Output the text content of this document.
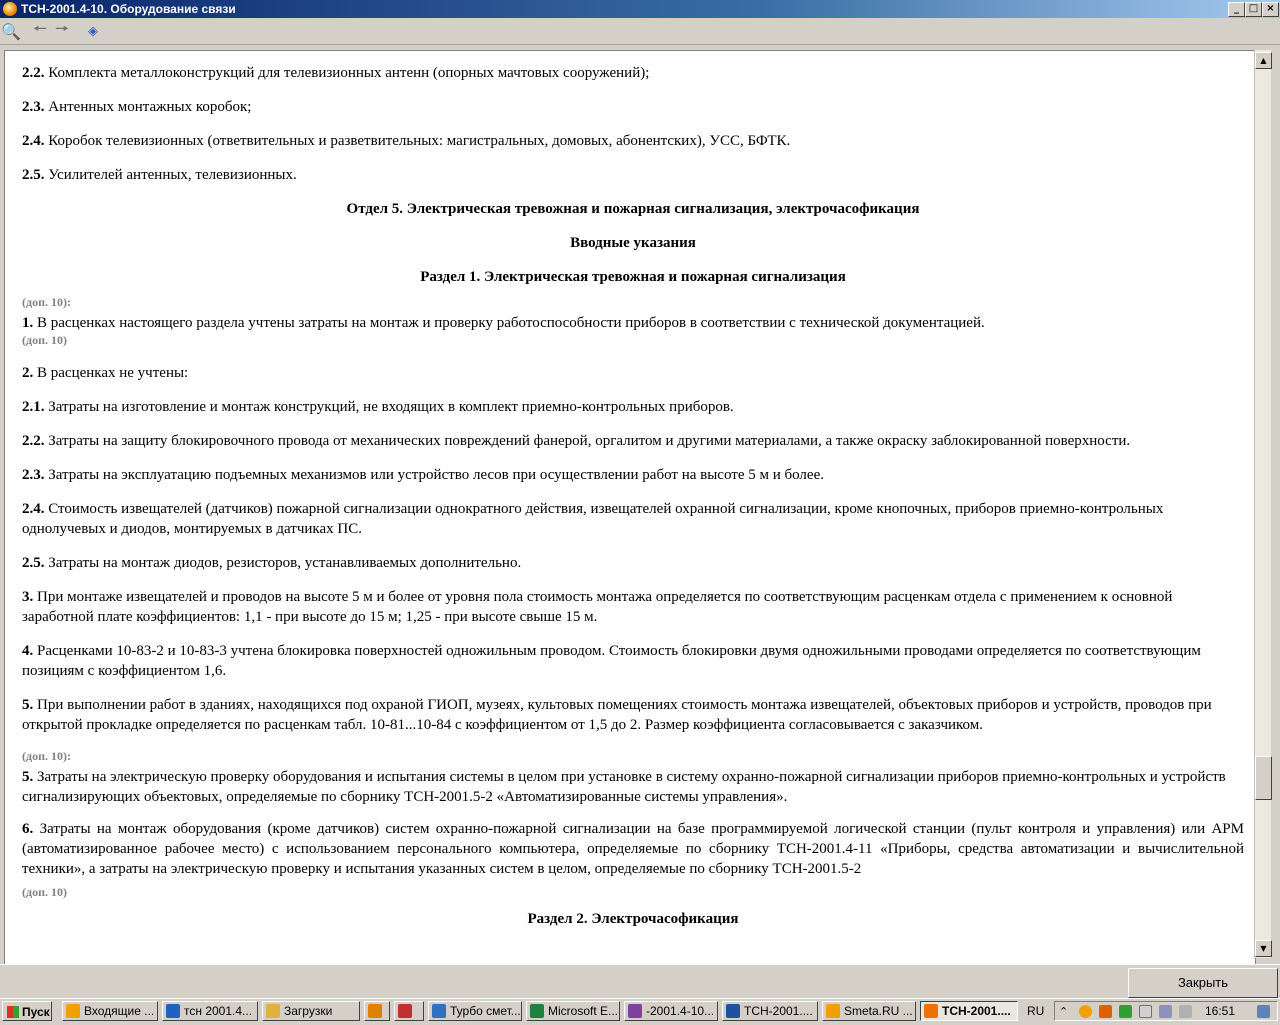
ТСН-2001.4-10. Оборудование связи	_ □ ×
🔍 🠔 🠖	◈
2.2. Комплекта металлоконструкций для телевизионных антенн (опорных мачтовых сооружений);
2.3. Антенных монтажных коробок;
2.4. Коробок телевизионных (ответвительных и разветвительных: магистральных, домовых, абонентских), УСС, БФТК.
2.5. Усилителей антенных, телевизионных.
Отдел 5. Электрическая тревожная и пожарная сигнализация, электрочасофикация
Вводные указания
Раздел 1. Электрическая тревожная и пожарная сигнализация
(доп. 10):
1. В расценках настоящего раздела учтены затраты на монтаж и проверку работоспособности приборов в соответствии с технической документацией.
(доп. 10)
2. В расценках не учтены:
2.1. Затраты на изготовление и монтаж конструкций, не входящих в комплект приемно-контрольных приборов.
2.2. Затраты на защиту блокировочного провода от механических повреждений фанерой, оргалитом и другими материалами, а также окраску заблокированной поверхности.
2.3. Затраты на эксплуатацию подъемных механизмов или устройство лесов при осуществлении работ на высоте 5 м и более.
2.4. Стоимость извещателей (датчиков) пожарной сигнализации однократного действия, извещателей охранной сигнализации, кроме кнопочных, приборов приемно-контрольных однолучевых и диодов, монтируемых в датчиках ПС.
2.5. Затраты на монтаж диодов, резисторов, устанавливаемых дополнительно.
3. При монтаже извещателей и проводов на высоте 5 м и более от уровня пола стоимость монтажа определяется по соответствующим расценкам отдела с применением к основной заработной плате коэффициентов: 1,1 - при высоте до 15 м; 1,25 - при высоте свыше 15 м.
4. Расценками 10-83-2 и 10-83-3 учтена блокировка поверхностей одножильным проводом. Стоимость блокировки двумя одножильными проводами определяется по соответствующим позициям с коэффициентом 1,6.
5. При выполнении работ в зданиях, находящихся под охраной ГИОП, музеях, культовых помещениях стоимость монтажа извещателей, объектовых приборов и устройств, проводов при открытой прокладке определяется по расценкам табл. 10-81...10-84 с коэффициентом от 1,5 до 2. Размер коэффициента согласовывается с заказчиком.
(доп. 10):
5. Затраты на электрическую проверку оборудования и испытания системы в целом при установке в систему охранно-пожарной сигнализации приборов приемно-контрольных и устройств сигнализирующих объектовых, определяемые по сборнику ТСН-2001.5-2 «Автоматизированные системы управления».
6. Затраты на монтаж оборудования (кроме датчиков) систем охранно-пожарной сигнализации на базе программируемой логической станции (пульт контроля и управления) или АРМ (автоматизированное рабочее место) с использованием персонального компьютера, определяемые по сборнику ТСН-2001.4-11 «Приборы, средства автоматизации и вычислительной техники», а затраты на электрическую проверку и испытания указанных систем в целом, определяемые по сборнику ТСН-2001.5-2
(доп. 10)
Раздел 2. Электрочасофикация
▲
▼
Закрыть
Пуск	Входящие ...	тсн 2001.4...	Загрузки	Турбо смет...	Microsoft E...	-2001.4-10...	ТСН-2001....	Smeta.RU ...	ТСН-2001....	RU ⌃	16:51
